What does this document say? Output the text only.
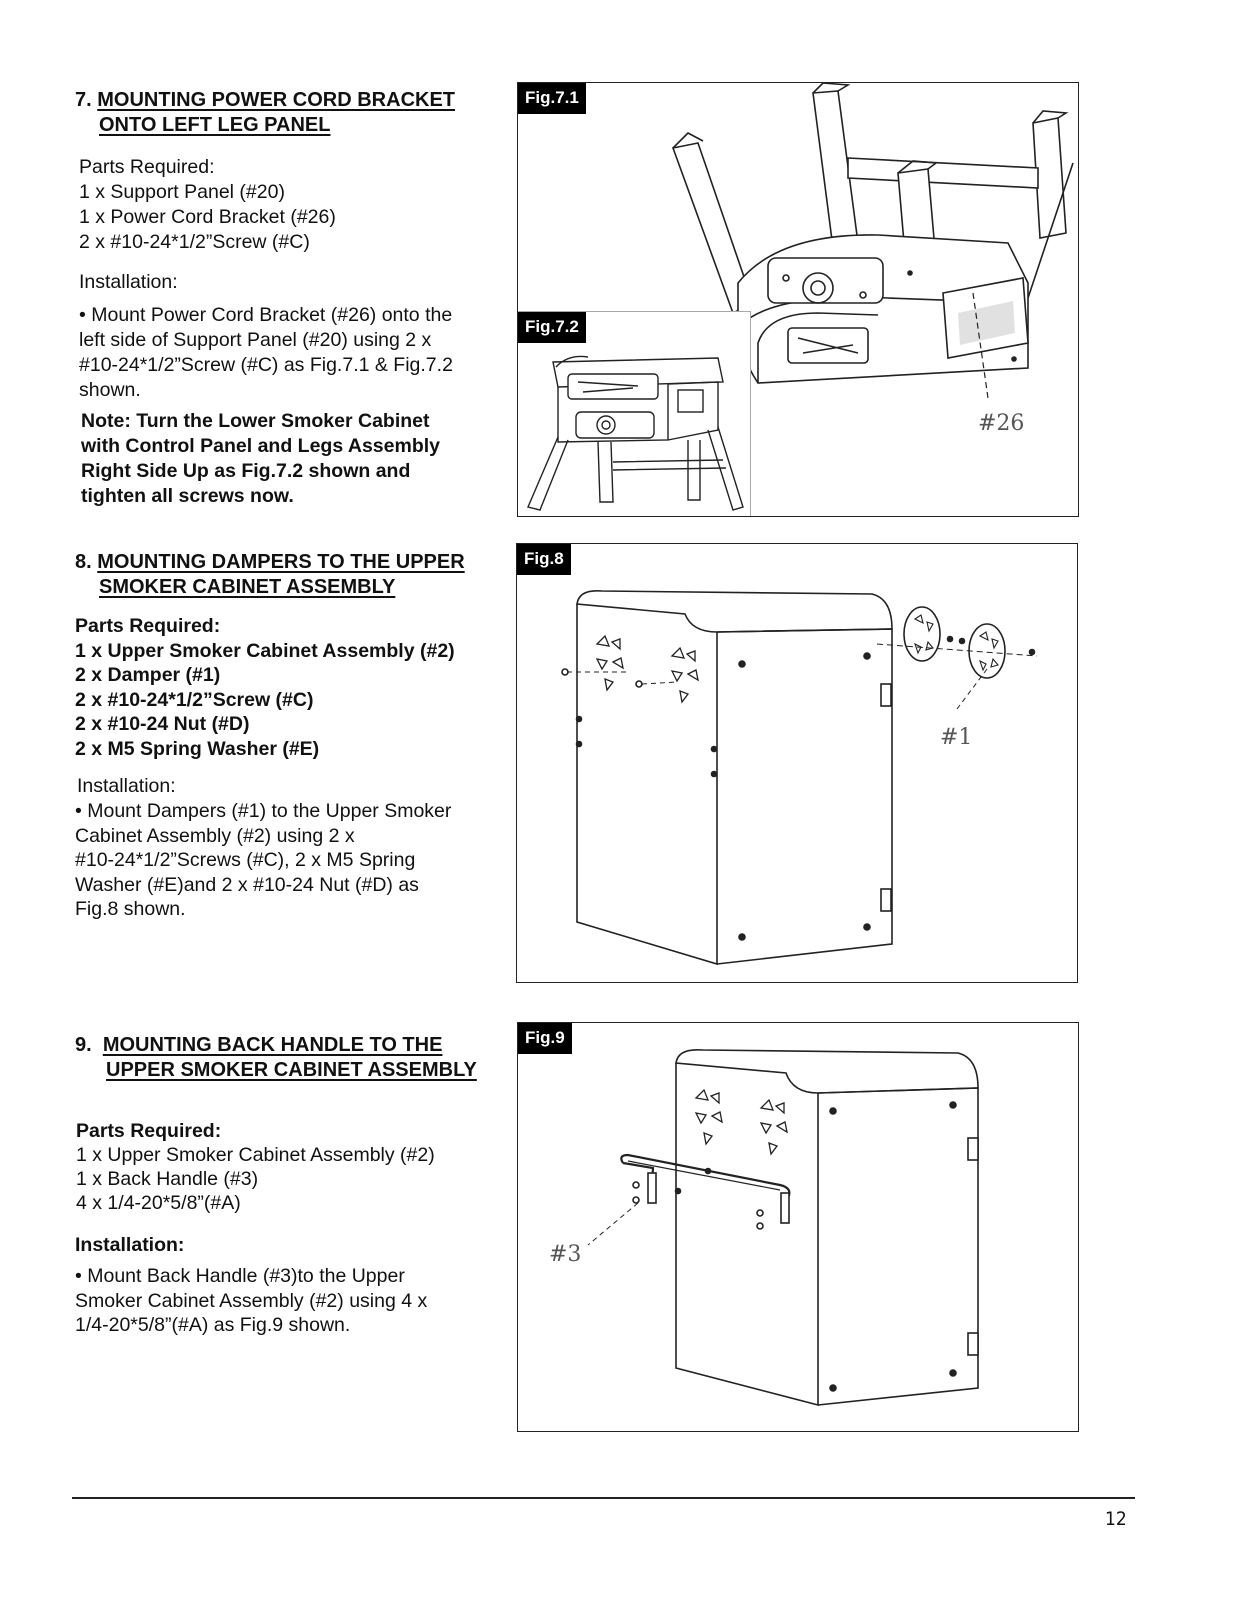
7. MOUNTING POWER CORD BRACKET
ONTO LEFT LEG PANEL
Parts Required:
1 x Support Panel (#20)
1 x Power Cord Bracket (#26)
2 x #10-24*1/2”Screw (#C)
Installation:
• Mount Power Cord Bracket (#26) onto the
left side of Support Panel (#20) using 2 x
#10-24*1/2”Screw (#C) as Fig.7.1 & Fig.7.2
shown.
Note: Turn the Lower Smoker Cabinet
with Control Panel and Legs Assembly
Right Side Up as Fig.7.2 shown and
tighten all screws now.
#26
Fig.7.2
Fig.7.1
8. MOUNTING DAMPERS TO THE UPPER
SMOKER CABINET ASSEMBLY
Parts Required:
1 x Upper Smoker Cabinet Assembly (#2)
2 x Damper (#1)
2 x #10-24*1/2”Screw (#C)
2 x #10-24 Nut (#D)
2 x M5 Spring Washer (#E)
Installation:
• Mount Dampers (#1) to the Upper Smoker
Cabinet Assembly (#2) using 2 x
#10-24*1/2”Screws (#C), 2 x M5 Spring
Washer (#E)and 2 x #10-24 Nut (#D) as
Fig.8 shown.
#1
Fig.8
9. MOUNTING BACK HANDLE TO THE
UPPER SMOKER CABINET ASSEMBLY
Parts Required:
1 x Upper Smoker Cabinet Assembly (#2)
1 x Back Handle (#3)
4 x 1/4-20*5/8”(#A)
Installation:
• Mount Back Handle (#3)to the Upper
Smoker Cabinet Assembly (#2) using 4 x
1/4-20*5/8”(#A) as Fig.9 shown.
#3
Fig.9
12
